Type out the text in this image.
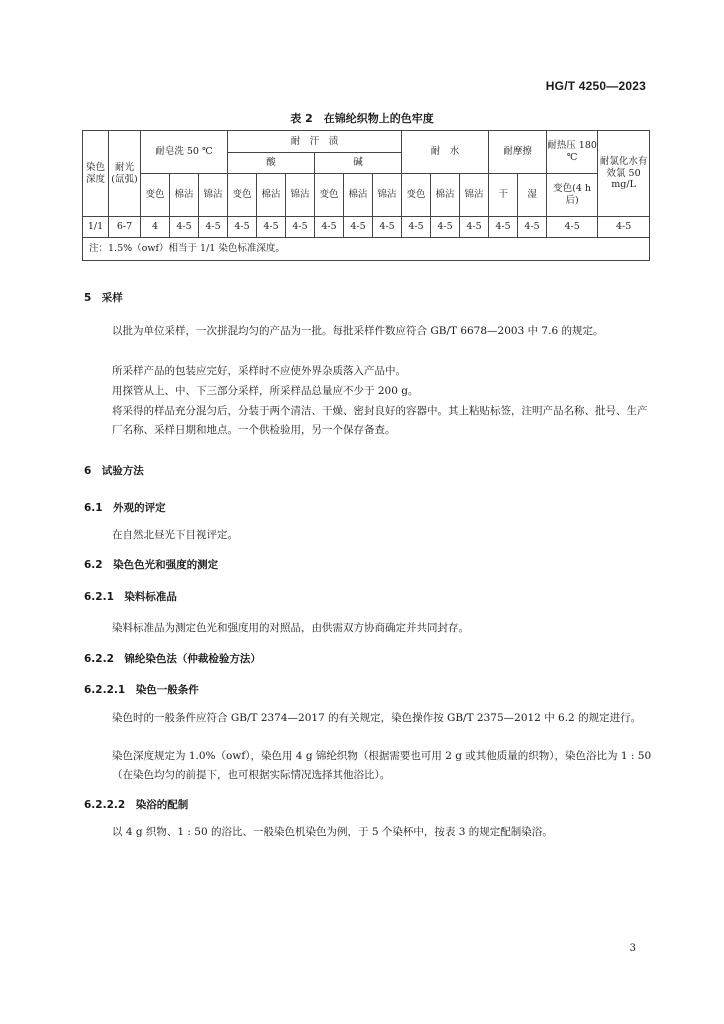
HG/T 4250—2023
表 2　在锦纶织物上的色牢度
染色深度	耐光(氙弧)	耐皂洗 50 ℃			耐　汗　渍						耐　水			耐摩擦		耐热压 180 ℃	耐氯化水有效氯 50 mg/L
					酸			碱									
		变色	棉沾	锦沾	变色	棉沾	锦沾	变色	棉沾	锦沾	变色	棉沾	锦沾	干	湿	变色(4 h 后)	
1/1	6-7	4	4-5	4-5	4-5	4-5	4-5	4-5	4-5	4-5	4-5	4-5	4-5	4-5	4-5	4-5	4-5
注：1.5%（owf）相当于 1/1 染色标准深度。																	
5　采样
以批为单位采样，一次拼混均匀的产品为一批。每批采样件数应符合 GB/T 6678—2003 中 7.6 的规定。
所采样产品的包装应完好，采样时不应使外界杂质落入产品中。
用探管从上、中、下三部分采样，所采样品总量应不少于 200 g。
将采得的样品充分混匀后，分装于两个清洁、干燥、密封良好的容器中。其上粘贴标签，注明产品名称、批号、生产厂名称、采样日期和地点。一个供检验用，另一个保存备查。
6　试验方法
6.1　外观的评定
在自然北昼光下目视评定。
6.2　染色色光和强度的测定
6.2.1　染料标准品
染料标准品为测定色光和强度用的对照品，由供需双方协商确定并共同封存。
6.2.2　锦纶染色法（仲裁检验方法）
6.2.2.1　染色一般条件
染色时的一般条件应符合 GB/T 2374—2017 的有关规定，染色操作按 GB/T 2375—2012 中 6.2 的规定进行。
染色深度规定为 1.0%（owf），染色用 4 g 锦纶织物（根据需要也可用 2 g 或其他质量的织物），染色浴比为 1 : 50（在染色均匀的前提下，也可根据实际情况选择其他浴比）。
6.2.2.2　染浴的配制
以 4 g 织物、1 : 50 的浴比、一般染色机染色为例，于 5 个染杯中，按表 3 的规定配制染浴。
3
